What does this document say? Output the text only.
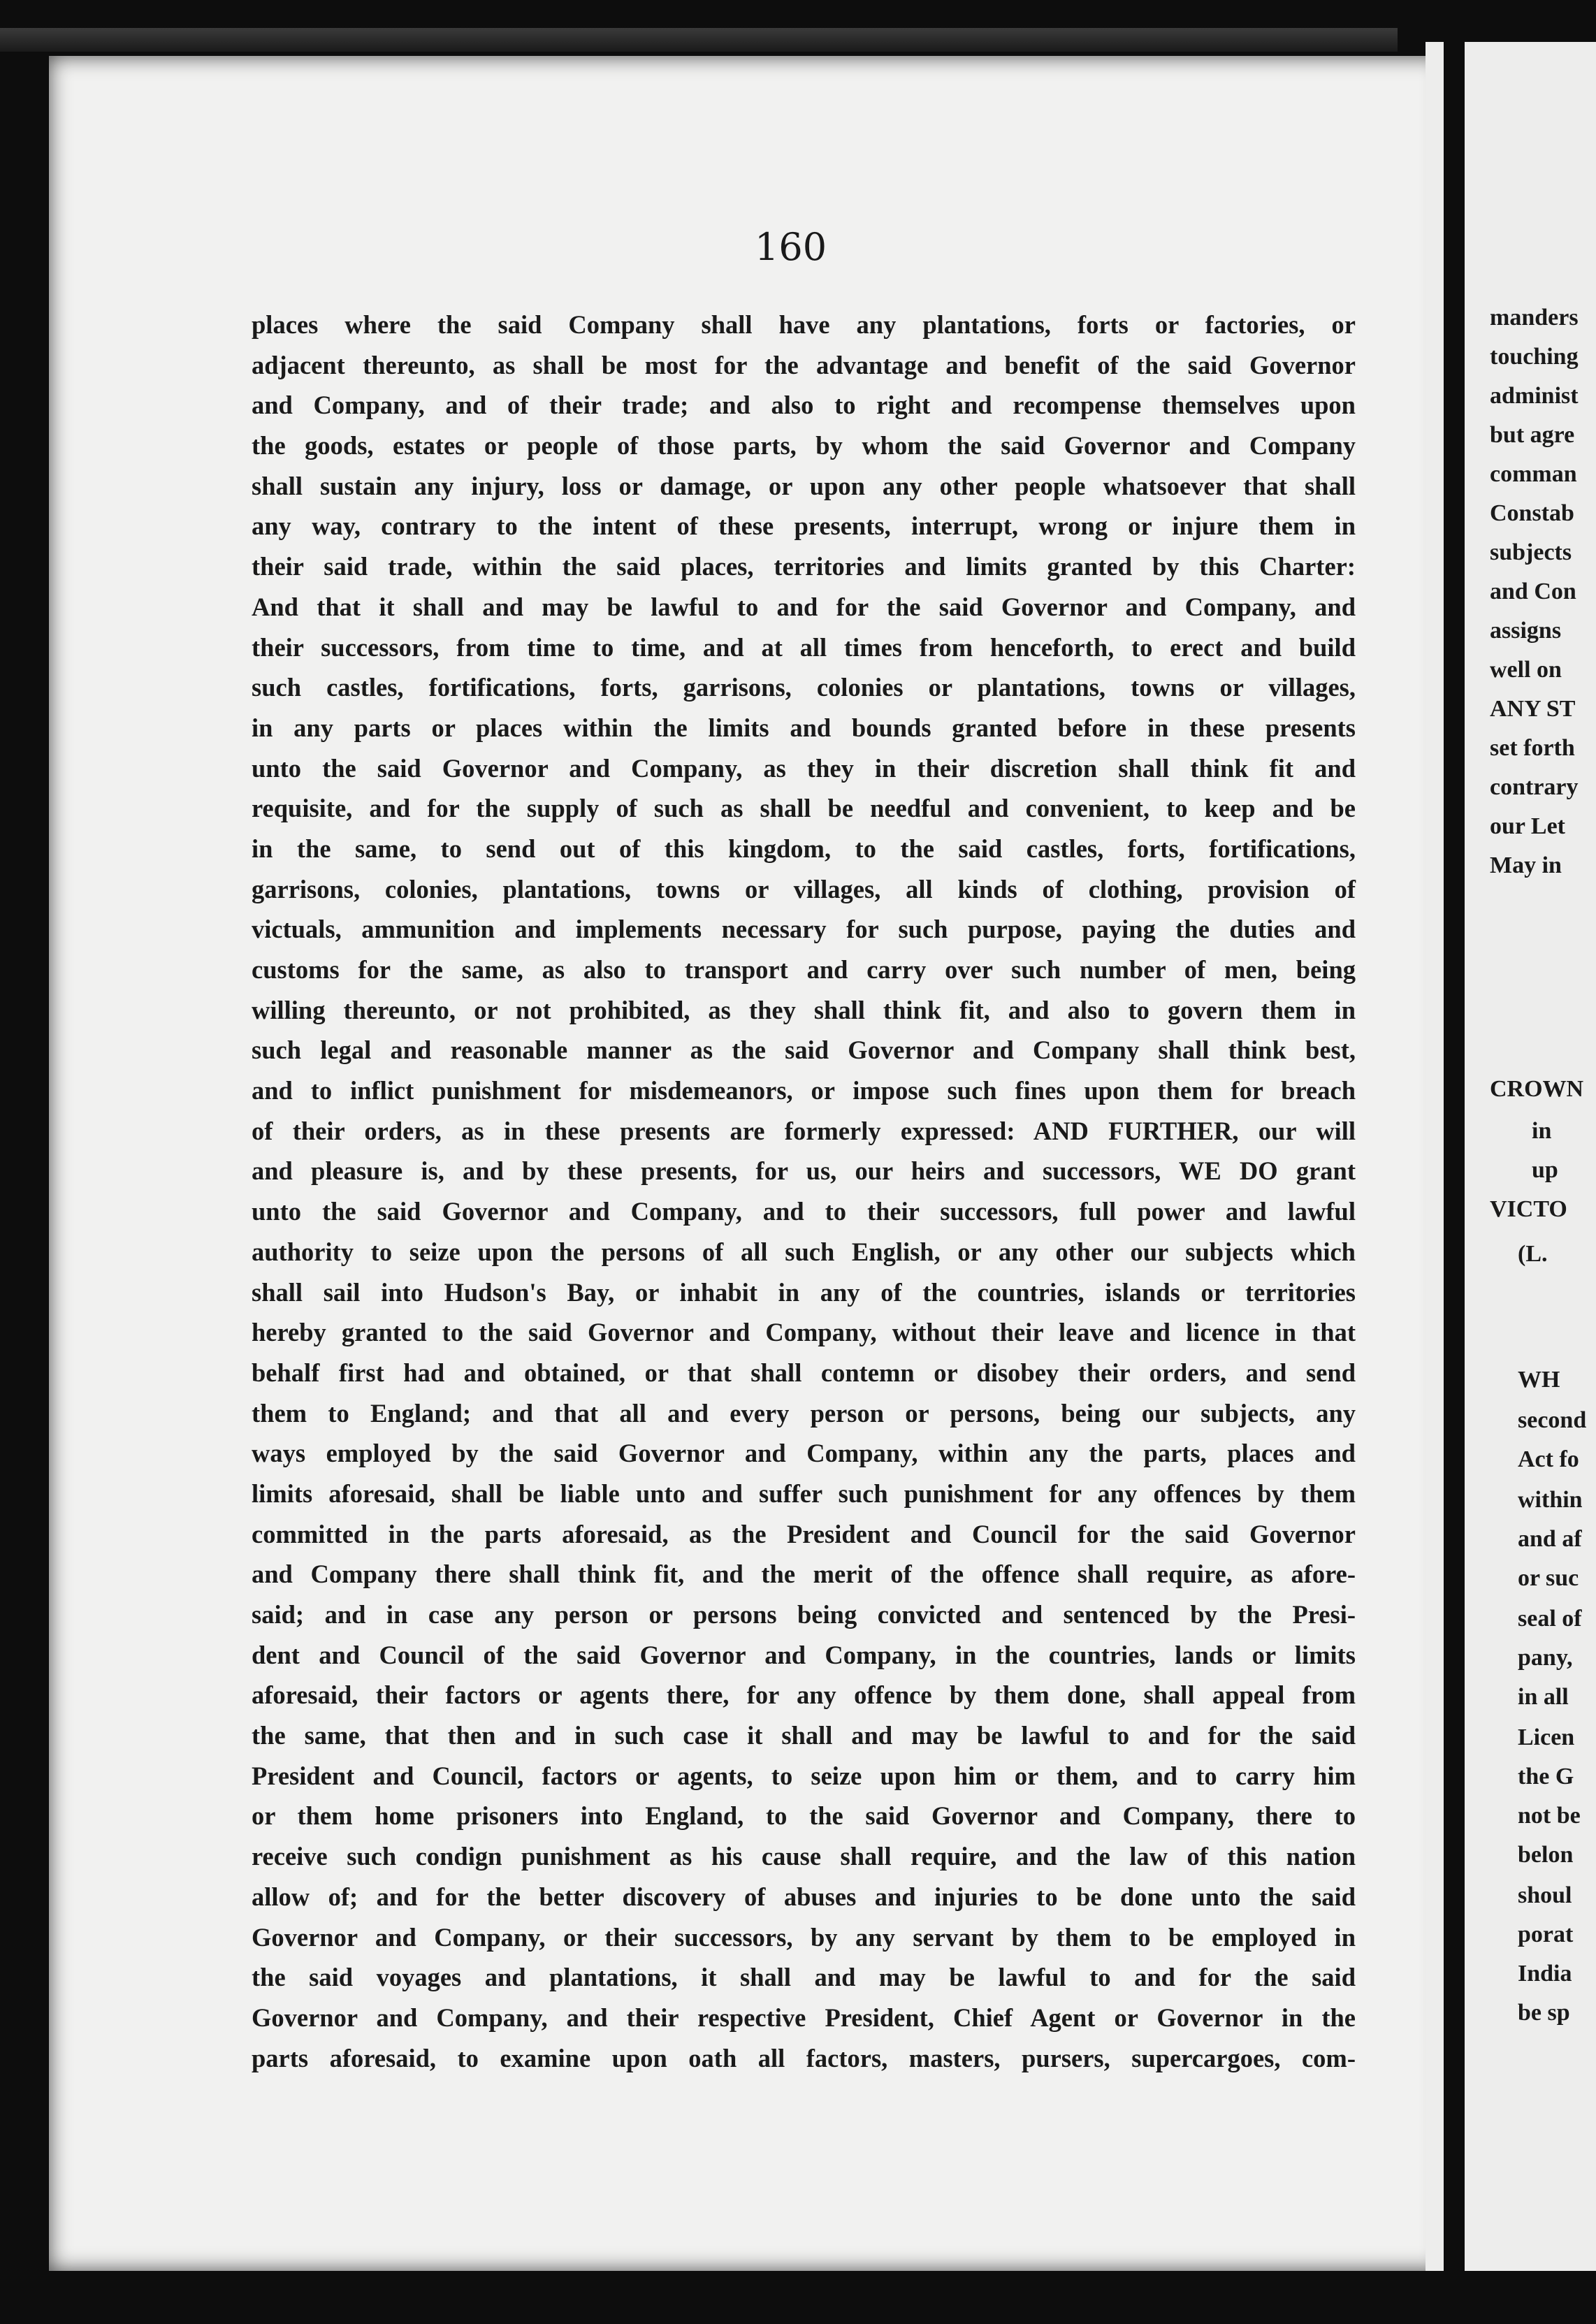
160
places where the said Company shall have any plantations, forts or factories, or
adjacent thereunto, as shall be most for the advantage and benefit of the said Governor
and Company, and of their trade; and also to right and recompense themselves upon
the goods, estates or people of those parts, by whom the said Governor and Company
shall sustain any injury, loss or damage, or upon any other people whatsoever that shall
any way, contrary to the intent of these presents, interrupt, wrong or injure them in
their said trade, within the said places, territories and limits granted by this Charter:
And that it shall and may be lawful to and for the said Governor and Company, and
their successors, from time to time, and at all times from henceforth, to erect and build
such castles, fortifications, forts, garrisons, colonies or plantations, towns or villages,
in any parts or places within the limits and bounds granted before in these presents
unto the said Governor and Company, as they in their discretion shall think fit and
requisite, and for the supply of such as shall be needful and convenient, to keep and be
in the same, to send out of this kingdom, to the said castles, forts, fortifications,
garrisons, colonies, plantations, towns or villages, all kinds of clothing, provision of
victuals, ammunition and implements necessary for such purpose, paying the duties and
customs for the same, as also to transport and carry over such number of men, being
willing thereunto, or not prohibited, as they shall think fit, and also to govern them in
such legal and reasonable manner as the said Governor and Company shall think best,
and to inflict punishment for misdemeanors, or impose such fines upon them for breach
of their orders, as in these presents are formerly expressed: AND FURTHER, our will
and pleasure is, and by these presents, for us, our heirs and successors, WE DO grant
unto the said Governor and Company, and to their successors, full power and lawful
authority to seize upon the persons of all such English, or any other our subjects which
shall sail into Hudson's Bay, or inhabit in any of the countries, islands or territories
hereby granted to the said Governor and Company, without their leave and licence in that
behalf first had and obtained, or that shall contemn or disobey their orders, and send
them to England; and that all and every person or persons, being our subjects, any
ways employed by the said Governor and Company, within any the parts, places and
limits aforesaid, shall be liable unto and suffer such punishment for any offences by them
committed in the parts aforesaid, as the President and Council for the said Governor
and Company there shall think fit, and the merit of the offence shall require, as afore-
said; and in case any person or persons being convicted and sentenced by the Presi-
dent and Council of the said Governor and Company, in the countries, lands or limits
aforesaid, their factors or agents there, for any offence by them done, shall appeal from
the same, that then and in such case it shall and may be lawful to and for the said
President and Council, factors or agents, to seize upon him or them, and to carry him
or them home prisoners into England, to the said Governor and Company, there to
receive such condign punishment as his cause shall require, and the law of this nation
allow of; and for the better discovery of abuses and injuries to be done unto the said
Governor and Company, or their successors, by any servant by them to be employed in
the said voyages and plantations, it shall and may be lawful to and for the said
Governor and Company, and their respective President, Chief Agent or Governor in the
parts aforesaid, to examine upon oath all factors, masters, pursers, supercargoes, com-
manders
touching
administ
but agre
comman
Constab
subjects
and Con
assigns
well on
ANY ST
set forth
contrary
our Let
May in
CROWN
in
up
VICTO
(L.
WH
second
Act fo
within
and af
or suc
seal of
pany,
in all
Licen
the G
not be
belon
shoul
porat
India
be sp
